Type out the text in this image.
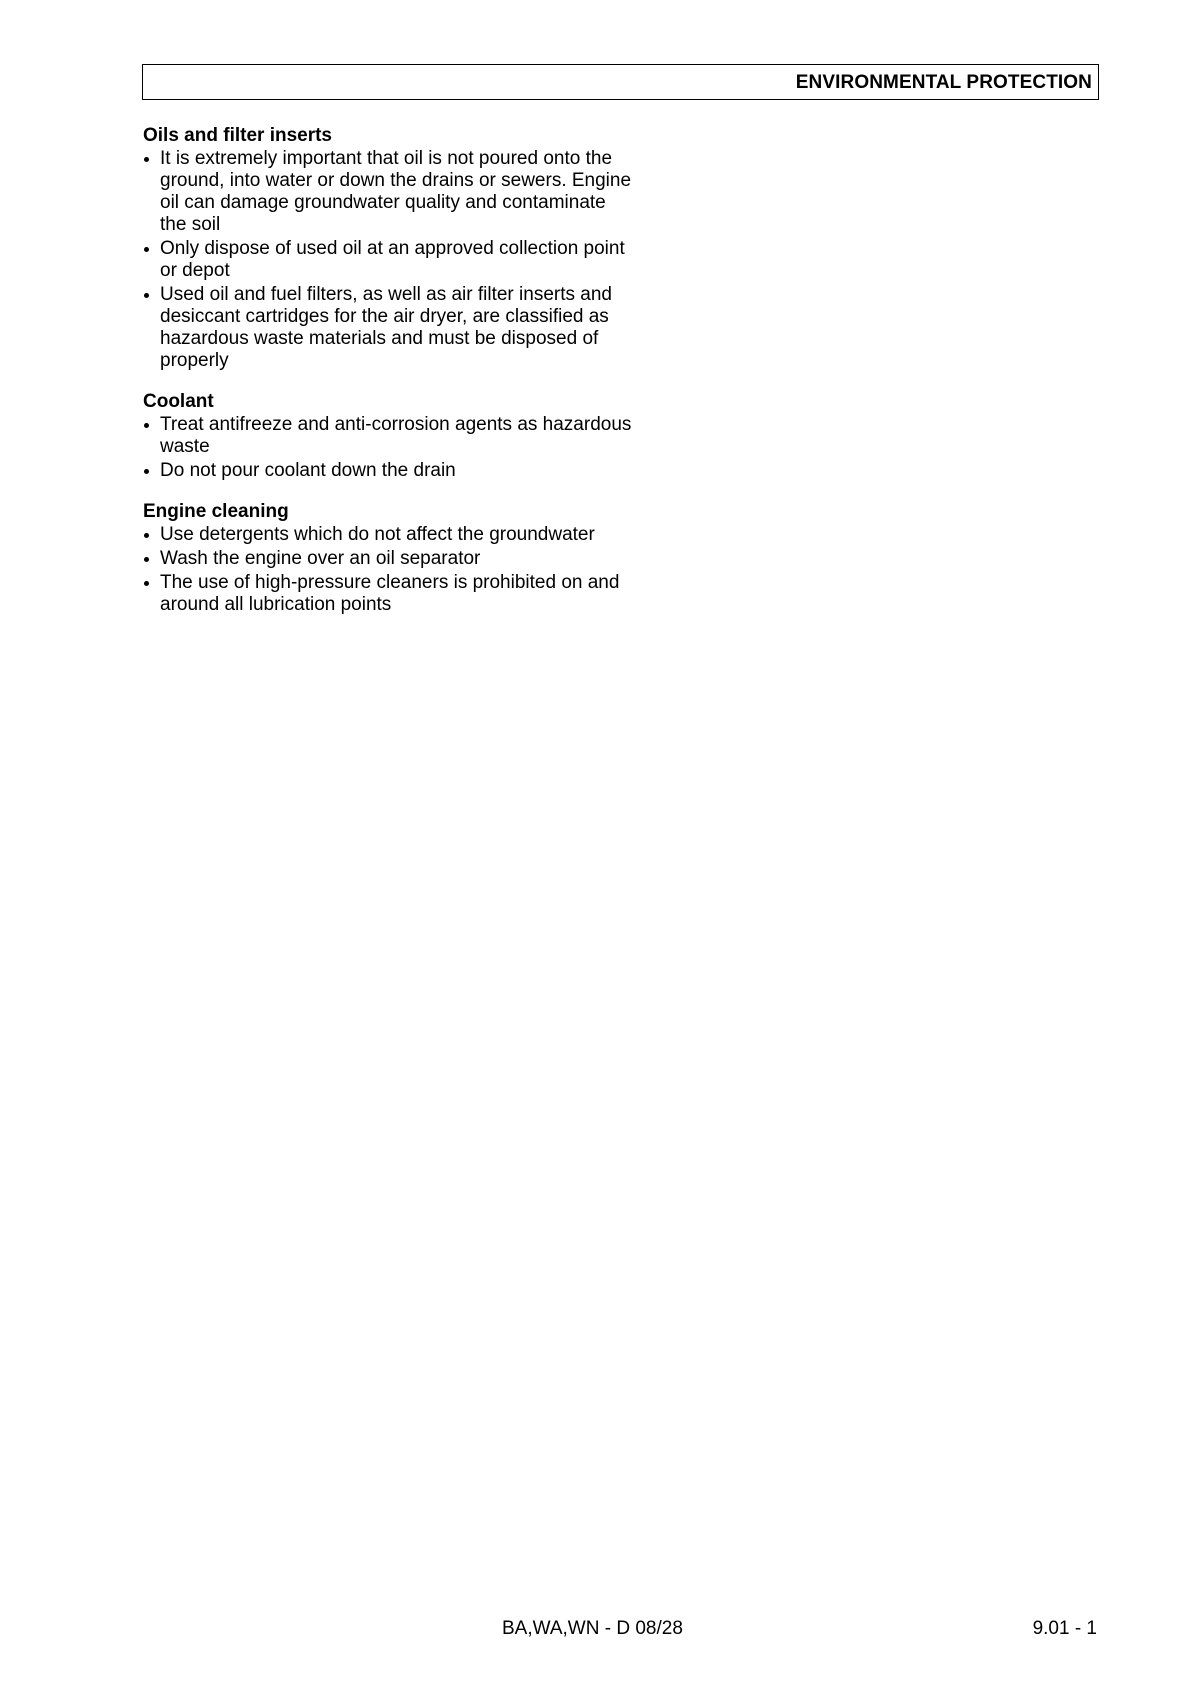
ENVIRONMENTAL PROTECTION
Oils and filter inserts
It is extremely important that oil is not poured onto the ground, into water or down the drains or sewers. Engine oil can damage groundwater quality and contaminate the soil
Only dispose of used oil at an approved collection point or depot
Used oil and fuel filters, as well as air filter inserts and desiccant cartridges for the air dryer, are classified as hazardous waste materials and must be disposed of properly
Coolant
Treat antifreeze and anti-corrosion agents as hazardous waste
Do not pour coolant down the drain
Engine cleaning
Use detergents which do not affect the groundwater
Wash the engine over an oil separator
The use of high-pressure cleaners is prohibited on and around all lubrication points
BA,WA,WN - D 08/28	9.01 - 1
